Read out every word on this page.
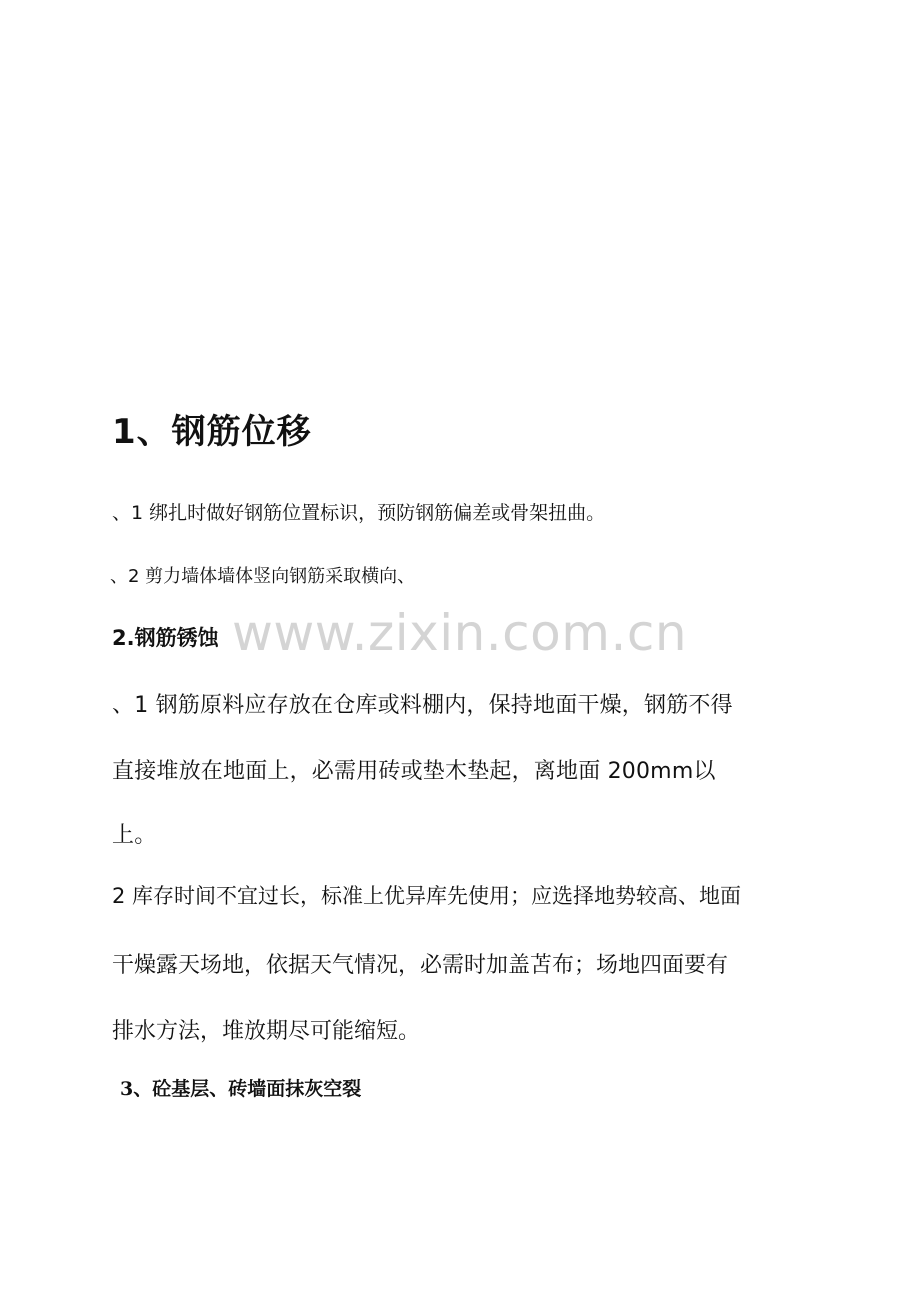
www.zixin.com.cn
1、钢筋位移

、1 绑扎时做好钢筋位置标识，预防钢筋偏差或骨架扭曲。

、2 剪力墙体墙体竖向钢筋采取横向、

2.钢筋锈蚀

、1 钢筋原料应存放在仓库或料棚内，保持地面干燥，钢筋不得

直接堆放在地面上，必需用砖或垫木垫起，离地面 200mm以

上。

2 库存时间不宜过长，标准上优异库先使用；应选择地势较高、地面

干燥露天场地，依据天气情况，必需时加盖苫布；场地四面要有

排水方法，堆放期尽可能缩短。

3、砼基层、砖墙面抹灰空裂
